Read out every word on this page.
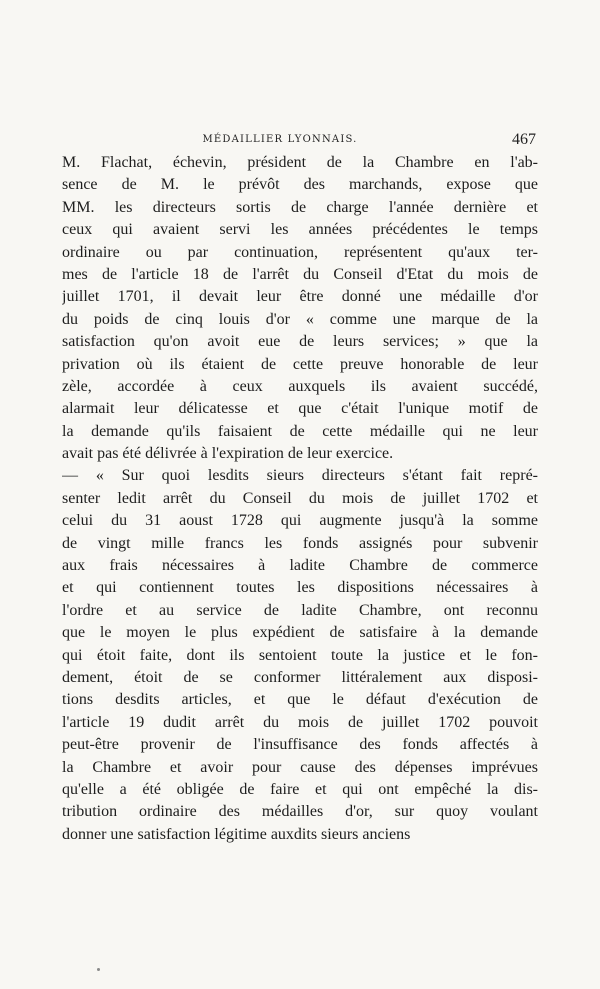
MÉDAILLIER LYONNAIS.	467
M. Flachat, échevin, président de la Chambre en l'ab-
sence de M. le prévôt des marchands, expose que
MM. les directeurs sortis de charge l'année dernière et
ceux qui avaient servi les années précédentes le temps
ordinaire ou par continuation, représentent qu'aux ter-
mes de l'article 18 de l'arrêt du Conseil d'Etat du mois de
juillet 1701, il devait leur être donné une médaille d'or
du poids de cinq louis d'or « comme une marque de la
satisfaction qu'on avoit eue de leurs services; » que la
privation où ils étaient de cette preuve honorable de leur
zèle, accordée à ceux auxquels ils avaient succédé,
alarmait leur délicatesse et que c'était l'unique motif de
la demande qu'ils faisaient de cette médaille qui ne leur
avait pas été délivrée à l'expiration de leur exercice.
— « Sur quoi lesdits sieurs directeurs s'étant fait repré-
senter ledit arrêt du Conseil du mois de juillet 1702 et
celui du 31 aoust 1728 qui augmente jusqu'à la somme
de vingt mille francs les fonds assignés pour subvenir
aux frais nécessaires à ladite Chambre de commerce
et qui contiennent toutes les dispositions nécessaires à
l'ordre et au service de ladite Chambre, ont reconnu
que le moyen le plus expédient de satisfaire à la demande
qui étoit faite, dont ils sentoient toute la justice et le fon-
dement, étoit de se conformer littéralement aux disposi-
tions desdits articles, et que le défaut d'exécution de
l'article 19 dudit arrêt du mois de juillet 1702 pouvoit
peut-être provenir de l'insuffisance des fonds affectés à
la Chambre et avoir pour cause des dépenses imprévues
qu'elle a été obligée de faire et qui ont empêché la dis-
tribution ordinaire des médailles d'or, sur quoy voulant
donner une satisfaction légitime auxdits sieurs anciens
